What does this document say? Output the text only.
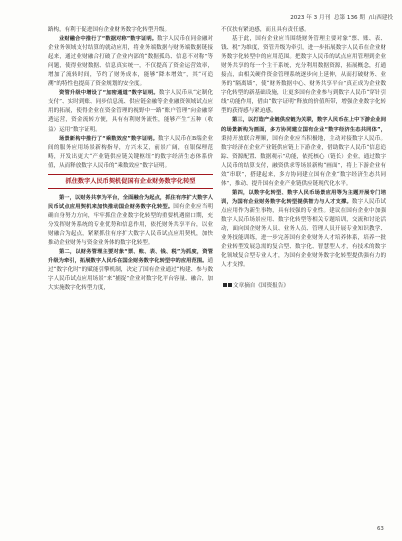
2023 年 3 月刊 总第 136 期 /山西建投

路构，有利于促进国有企业财务数字化转型升级。

业财融合中推行了“数据对称”数字证明。数字人民币在同金融对企业务领域支付结算的就动应用，将业务端数据与财务端数据链接起来，通过业财融合打破了企业内部的“数据孤岛、信息不对称”等问题，使得业财数据、信息真实统一，不仅提高了资金运营效率，增加了流转时间，节约了财务成本，能够“降本增效”，其“可追溯”的特性也提高了资金规划的安全度。

资管升级中增设了“加密通道”数字证明。数字人民币从“定制化支付”、实时到账、同步信息流、供应链金融等企业融资领域试点应用的拓展，使得企业在资金管理的视野中一路“账户管理”向金融穿透运营，资金流转方便，具有有利财务流性，能够产生“五种（收益）运用”数字证明。

场景新构中推行了“乘数效应”数字证明。数字人民币在B端企业间的服务应用场景新构指导，方兴未艾，前景广阔，在银保理范畴，开发出更大“产业链供应链关键枢纽”的数字经济生态体系价值，从而释放数字人民币的“乘数效应”数字证明。

抓住数字人民币契机促国有企业财务数字化转型

第一，以财务共享为平台，全面融合为起点，抓住有序扩大数字人民币试点应用契机来加快推动国企财务数字化转型。国有企业应当明确自身努力方向，牢牢抓住企业数字化转型的重要机遇窗口期，充分发挥财务系统的专业优势和信息作用，依托财务共享平台，以业财融合为起点，紧紧抓住有序扩大数字人民币试点应用契机，加快推动企业财务与资金业务体的数字化转型。

第二，以财务管理主要对象“票、账、表、钱、税”为抓度，资管升级为牵引，拓展数字人民币在国企财务数字化转型中的应用范围。通过“数字化时”的赋能引擎机制，决定了国有企业通过“构建、参与数字人民币试点应用场景”来“捕捉”企业对数字化平台容量、融合，加大实施数字化转型力度，

不仅扶有紧迫感，而且具有责任感。

基于此，国有企业应当围绕财务管理主要对象“票、账、表、钱、税”为维度，资管升级为牵引，进一步拓展数字人民币在企业财务数字化转型中的应用范围。把数字人民币的试点应用管理到企业财务共享的每一个主干系统，充分利用数据资源，拓展概念，打通接点，由相关硬件资金管理系统逐步向上延伸，从而打破财务、业务的“隔离墙”，使“财务数据中心、财务共享平台”真正成为企业数字化转型的新基础设施，让更多国有企业参与到数字人民币“穿针引线”功能作用，借由“数字证明”释放的价值所带，增强企业数字化转型的获得感与紧迫感。

第三，以打造产业链供应链为关联，数字人民币在上中下游企业间的场景新构为画面，多方协同建立国有企业“数字经济生态共同体”，秉持开放联合理顺，国有企业应当积极地，主动对接数字人民币。数字经济在企业产业链供应链上下游企业，借助数字人民币“信息追踪、资源配置、数据观示”功能，依托核心（链长）企业，通过数字人民币的结算支付，融资供求等场景新构“画面”，将上下游企业有效“串联”，搭建起来，多方协同建立国有企业“数字经济生态共同体”，推动、提升国有企业产业链供应链现代化水平。

第四，以数字化转型、数字人民币场景应用等为主题开展专门培训，为国有企业财务数字化转型提供智力与人才支撑。数字人民币试点应用作为新生事物，具有较强的专业性。建议在国有企业中加强数字人民币场景应用、数字化转型等相关专题培训，交流和讨论活动，面向国企财务人员、业务人员、管理人员开展专业知识教学、业务技能训练，进一步完善国有企业财务人才培养体系，培养一批企业转型发展急需的复合型、数字化、智慧型人才，有技术的数字化领域复合型专业人才，为国有企业财务数字化转型提供强有力的人才支撑。

文章摘自《国资报告》
63
